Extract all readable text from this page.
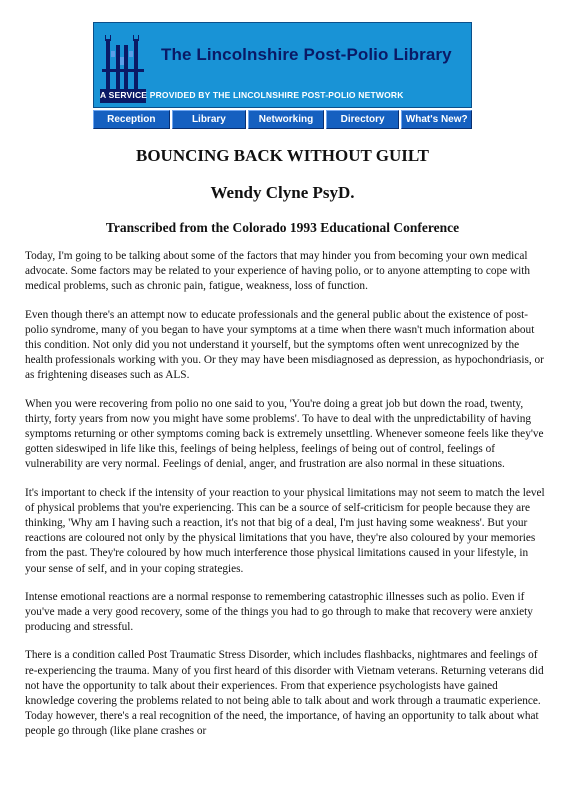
The Lincolnshire Post-Polio Library
A SERVICE PROVIDED BY THE LINCOLNSHIRE POST-POLIO NETWORK
Reception	Library	Networking	Directory	What's New?
BOUNCING BACK WITHOUT GUILT
Wendy Clyne PsyD.
Transcribed from the Colorado 1993 Educational Conference

Today, I'm going to be talking about some of the factors that may hinder you from becoming your own medical advocate. Some factors may be related to your experience of having polio, or to anyone attempting to cope with medical problems, such as chronic pain, fatigue, weakness, loss of function.

Even though there's an attempt now to educate professionals and the general public about the existence of post-polio syndrome, many of you began to have your symptoms at a time when there wasn't much information about this condition. Not only did you not understand it yourself, but the symptoms often went unrecognized by the health professionals working with you. Or they may have been misdiagnosed as depression, as hypochondriasis, or as frightening diseases such as ALS.

When you were recovering from polio no one said to you, 'You're doing a great job but down the road, twenty, thirty, forty years from now you might have some problems'. To have to deal with the unpredictability of having symptoms returning or other symptoms coming back is extremely unsettling. Whenever someone feels like they've gotten sideswiped in life like this, feelings of being helpless, feelings of being out of control, feelings of vulnerability are very normal. Feelings of denial, anger, and frustration are also normal in these situations.

It's important to check if the intensity of your reaction to your physical limitations may not seem to match the level of physical problems that you're experiencing. This can be a source of self-criticism for people because they are thinking, 'Why am I having such a reaction, it's not that big of a deal, I'm just having some weakness'. But your reactions are coloured not only by the physical limitations that you have, they're also coloured by your memories from the past. They're coloured by how much interference those physical limitations caused in your lifestyle, in your sense of self, and in your coping strategies.

Intense emotional reactions are a normal response to remembering catastrophic illnesses such as polio. Even if you've made a very good recovery, some of the things you had to go through to make that recovery were anxiety producing and stressful.

There is a condition called Post Traumatic Stress Disorder, which includes flashbacks, nightmares and feelings of re-experiencing the trauma. Many of you first heard of this disorder with Vietnam veterans. Returning veterans did not have the opportunity to talk about their experiences. From that experience psychologists have gained knowledge covering the problems related to not being able to talk about and work through a traumatic experience. Today however, there's a real recognition of the need, the importance, of having an opportunity to talk about what people go through (like plane crashes or
